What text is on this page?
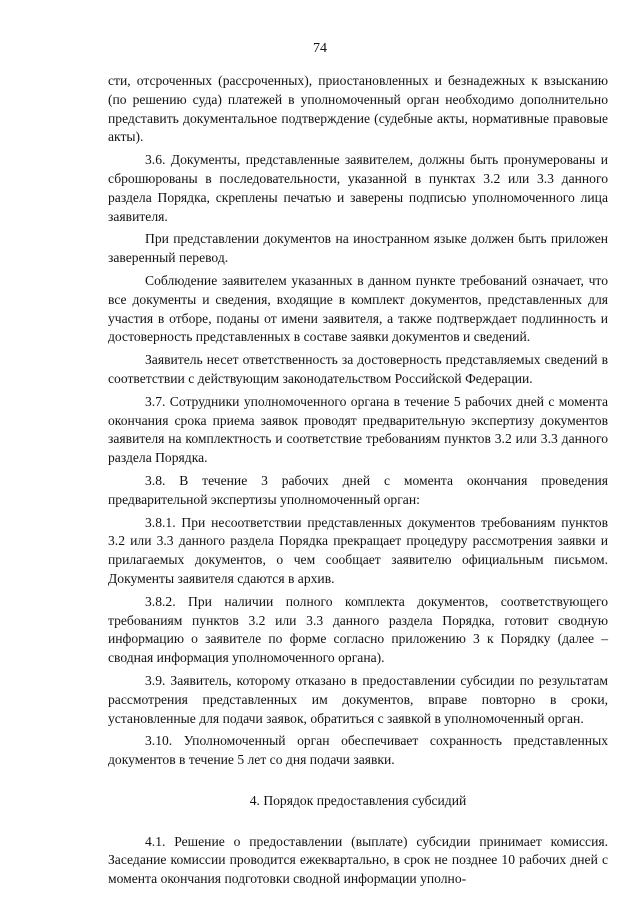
74

сти, отсроченных (рассроченных), приостановленных и безнадежных к взысканию (по решению суда) платежей в уполномоченный орган необходимо дополнительно представить документальное подтверждение (судебные акты, нормативные правовые акты).

3.6. Документы, представленные заявителем, должны быть пронумерованы и сброшюрованы в последовательности, указанной в пунктах 3.2 или 3.3 данного раздела Порядка, скреплены печатью и заверены подписью уполномоченного лица заявителя.

При представлении документов на иностранном языке должен быть приложен заверенный перевод.

Соблюдение заявителем указанных в данном пункте требований означает, что все документы и сведения, входящие в комплект документов, представленных для участия в отборе, поданы от имени заявителя, а также подтверждает подлинность и достоверность представленных в составе заявки документов и сведений.

Заявитель несет ответственность за достоверность представляемых сведений в соответствии с действующим законодательством Российской Федерации.

3.7. Сотрудники уполномоченного органа в течение 5 рабочих дней с момента окончания срока приема заявок проводят предварительную экспертизу документов заявителя на комплектность и соответствие требованиям пунктов 3.2 или 3.3 данного раздела Порядка.

3.8. В течение 3 рабочих дней с момента окончания проведения предварительной экспертизы уполномоченный орган:

3.8.1. При несоответствии представленных документов требованиям пунктов 3.2 или 3.3 данного раздела Порядка прекращает процедуру рассмотрения заявки и прилагаемых документов, о чем сообщает заявителю официальным письмом. Документы заявителя сдаются в архив.

3.8.2. При наличии полного комплекта документов, соответствующего требованиям пунктов 3.2 или 3.3 данного раздела Порядка, готовит сводную информацию о заявителе по форме согласно приложению 3 к Порядку (далее – сводная информация уполномоченного органа).

3.9. Заявитель, которому отказано в предоставлении субсидии по результатам рассмотрения представленных им документов, вправе повторно в сроки, установленные для подачи заявок, обратиться с заявкой в уполномоченный орган.

3.10. Уполномоченный орган обеспечивает сохранность представленных документов в течение 5 лет со дня подачи заявки.

4. Порядок предоставления субсидий

4.1. Решение о предоставлении (выплате) субсидии принимает комиссия. Заседание комиссии проводится ежеквартально, в срок не позднее 10 рабочих дней с момента окончания подготовки сводной информации уполно-
